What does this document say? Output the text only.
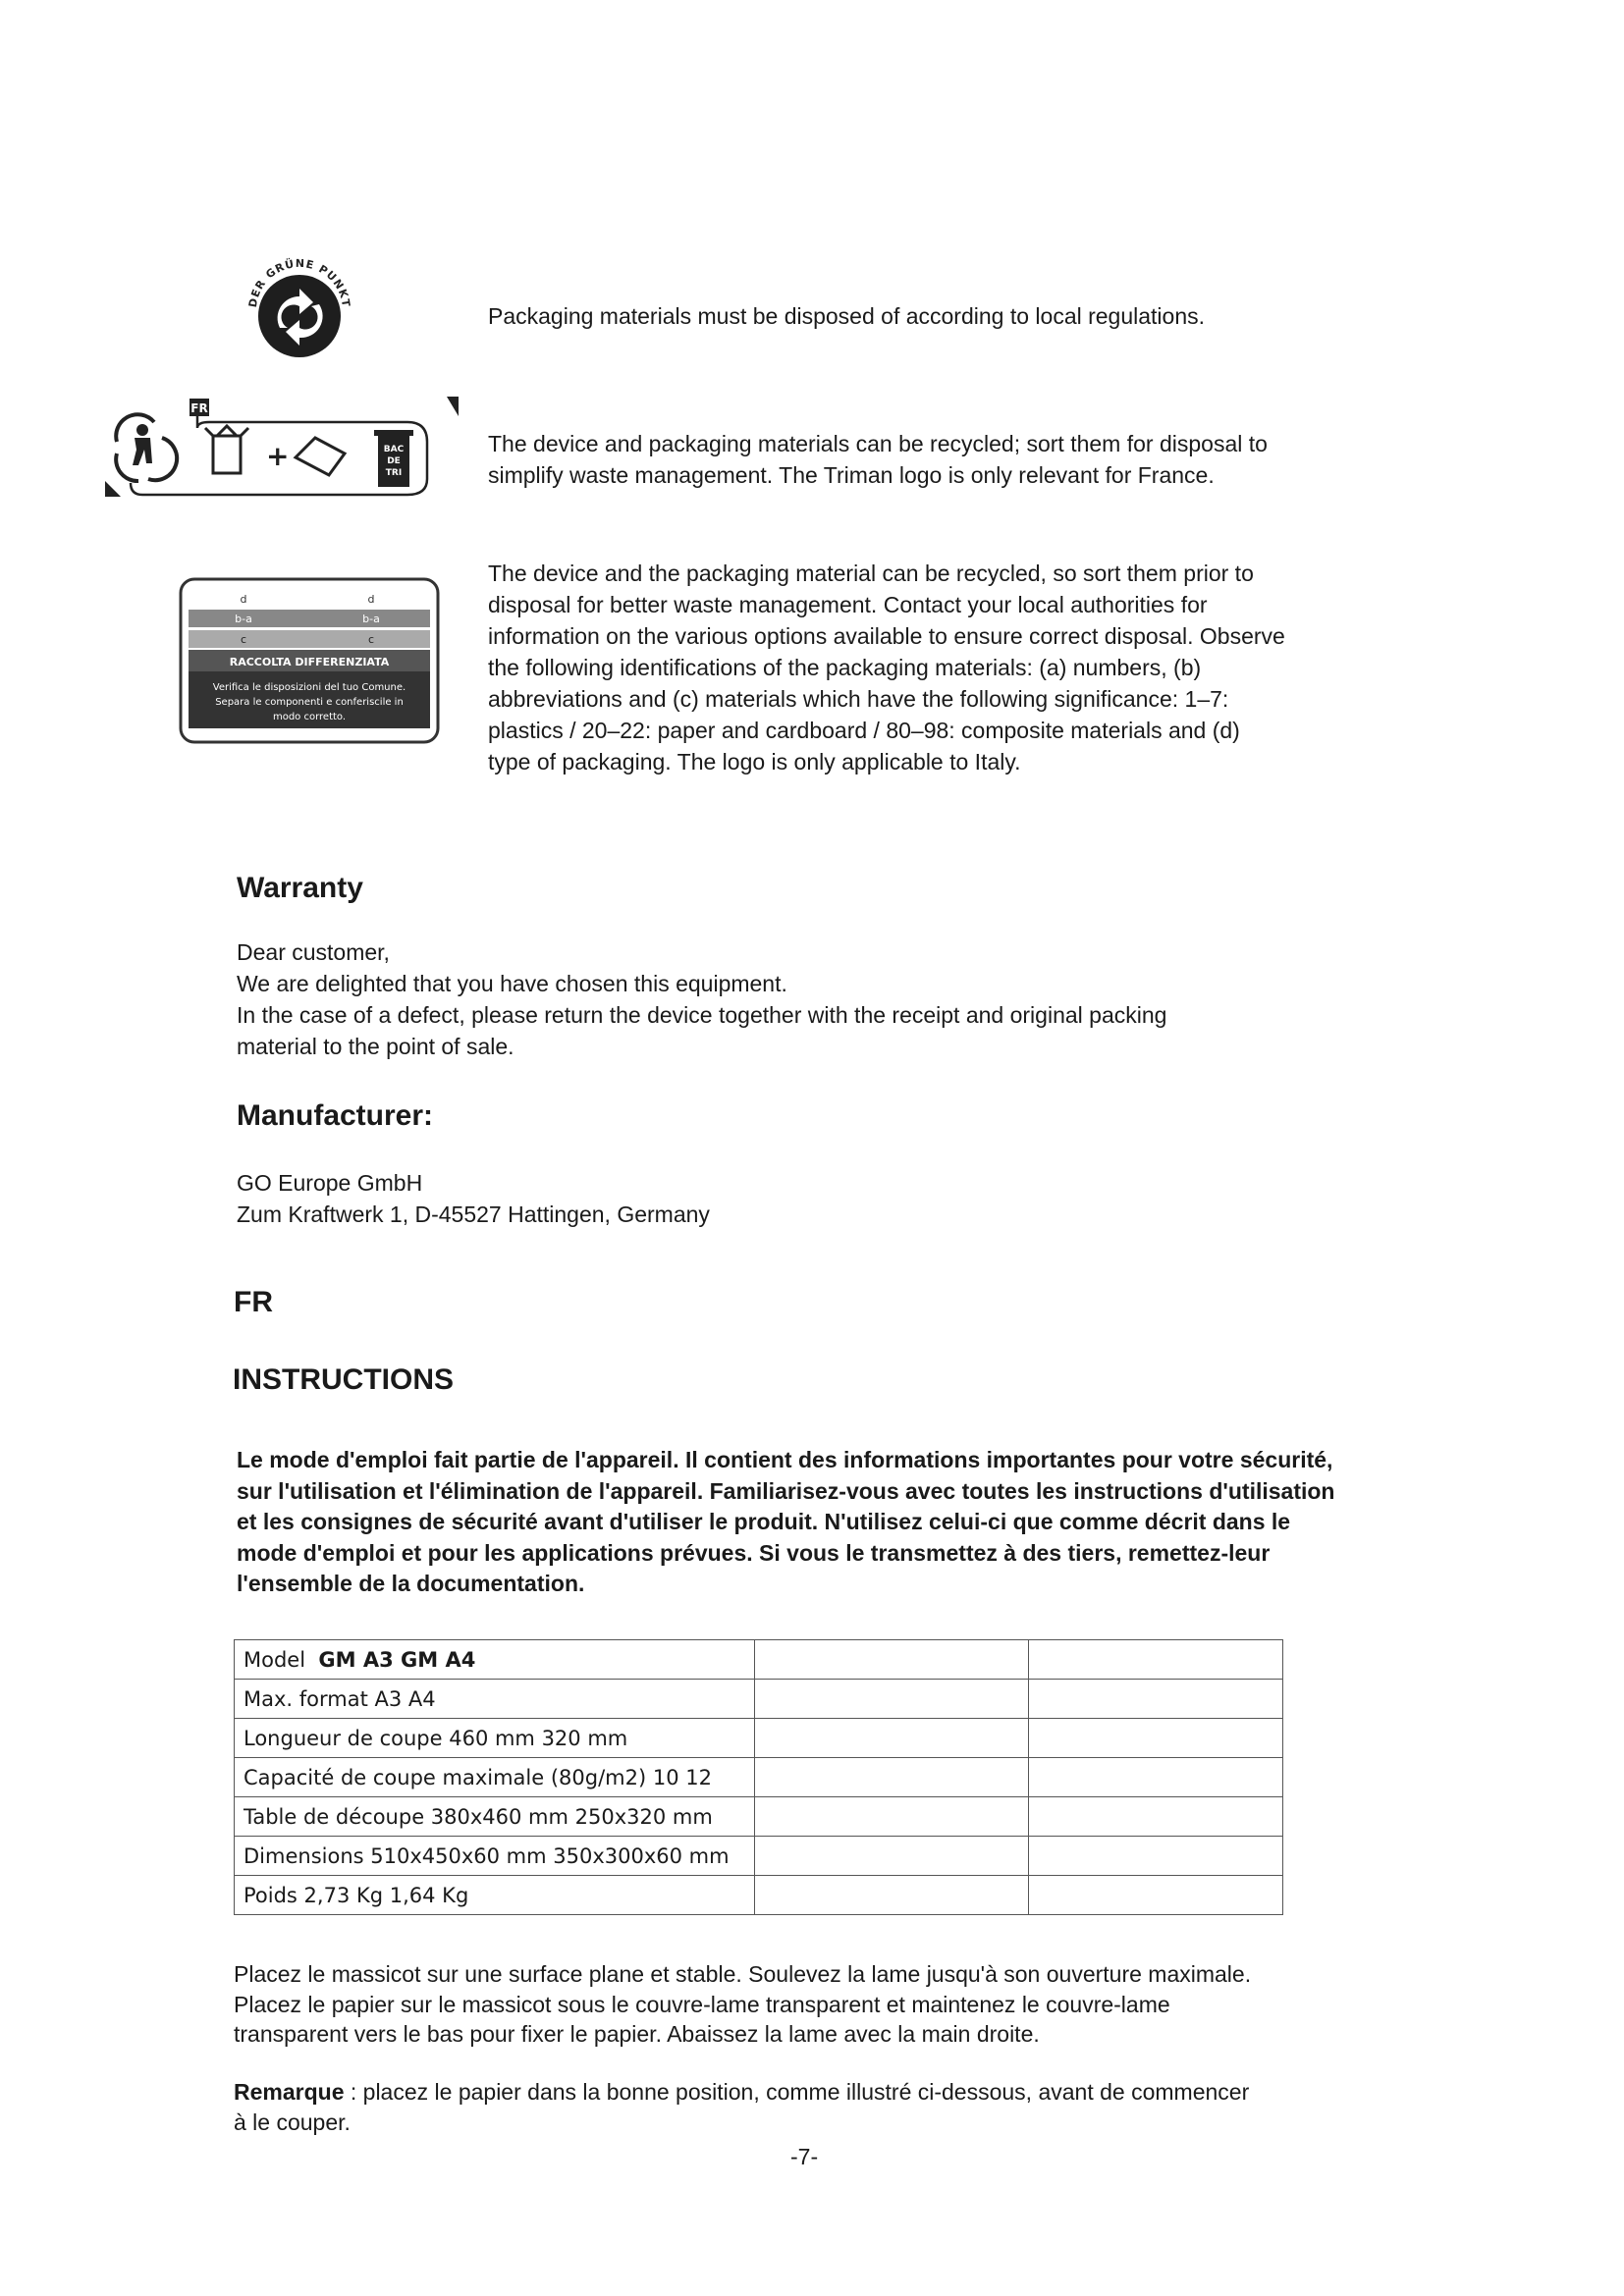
DER GRÜNE PUNKT

Packaging materials must be disposed of according to local regulations.

FR
+	BAC
DE
TRI

The device and packaging materials can be recycled; sort them for disposal to
simplify waste management. The Triman logo is only relevant for France.

d	d
b-a	b-a
c	c
RACCOLTA DIFFERENZIATA
Verifica le disposizioni del tuo Comune.
Separa le componenti e conferiscile in
modo corretto.

The device and the packaging material can be recycled, so sort them prior to
disposal for better waste management. Contact your local authorities for
information on the various options available to ensure correct disposal. Observe
the following identifications of the packaging materials: (a) numbers, (b)
abbreviations and (c) materials which have the following significance: 1–7:
plastics / 20–22: paper and cardboard / 80–98: composite materials and (d)
type of packaging. The logo is only applicable to Italy.

Warranty

Dear customer,
We are delighted that you have chosen this equipment.
In the case of a defect, please return the device together with the receipt and original packing
material to the point of sale.

Manufacturer:

GO Europe GmbH
Zum Kraftwerk 1, D-45527 Hattingen, Germany

FR
INSTRUCTIONS

Le mode d'emploi fait partie de l'appareil. Il contient des informations importantes pour votre sécurité,
sur l'utilisation et l'élimination de l'appareil. Familiarisez-vous avec toutes les instructions d'utilisation
et les consignes de sécurité avant d'utiliser le produit. N'utilisez celui-ci que comme décrit dans le
mode d'emploi et pour les applications prévues. Si vous le transmettez à des tiers, remettez-leur
l'ensemble de la documentation.

Model GM A3 GM A4		
Max. format A3 A4		
Longueur de coupe 460 mm 320 mm		
Capacité de coupe maximale (80g/m2) 10 12		
Table de découpe 380x460 mm 250x320 mm		
Dimensions 510x450x60 mm 350x300x60 mm		
Poids 2,73 Kg 1,64 Kg		

Placez le massicot sur une surface plane et stable. Soulevez la lame jusqu'à son ouverture maximale.
Placez le papier sur le massicot sous le couvre-lame transparent et maintenez le couvre-lame
transparent vers le bas pour fixer le papier. Abaissez la lame avec la main droite.

Remarque : placez le papier dans la bonne position, comme illustré ci-dessous, avant de commencer
à le couper.

-7-
